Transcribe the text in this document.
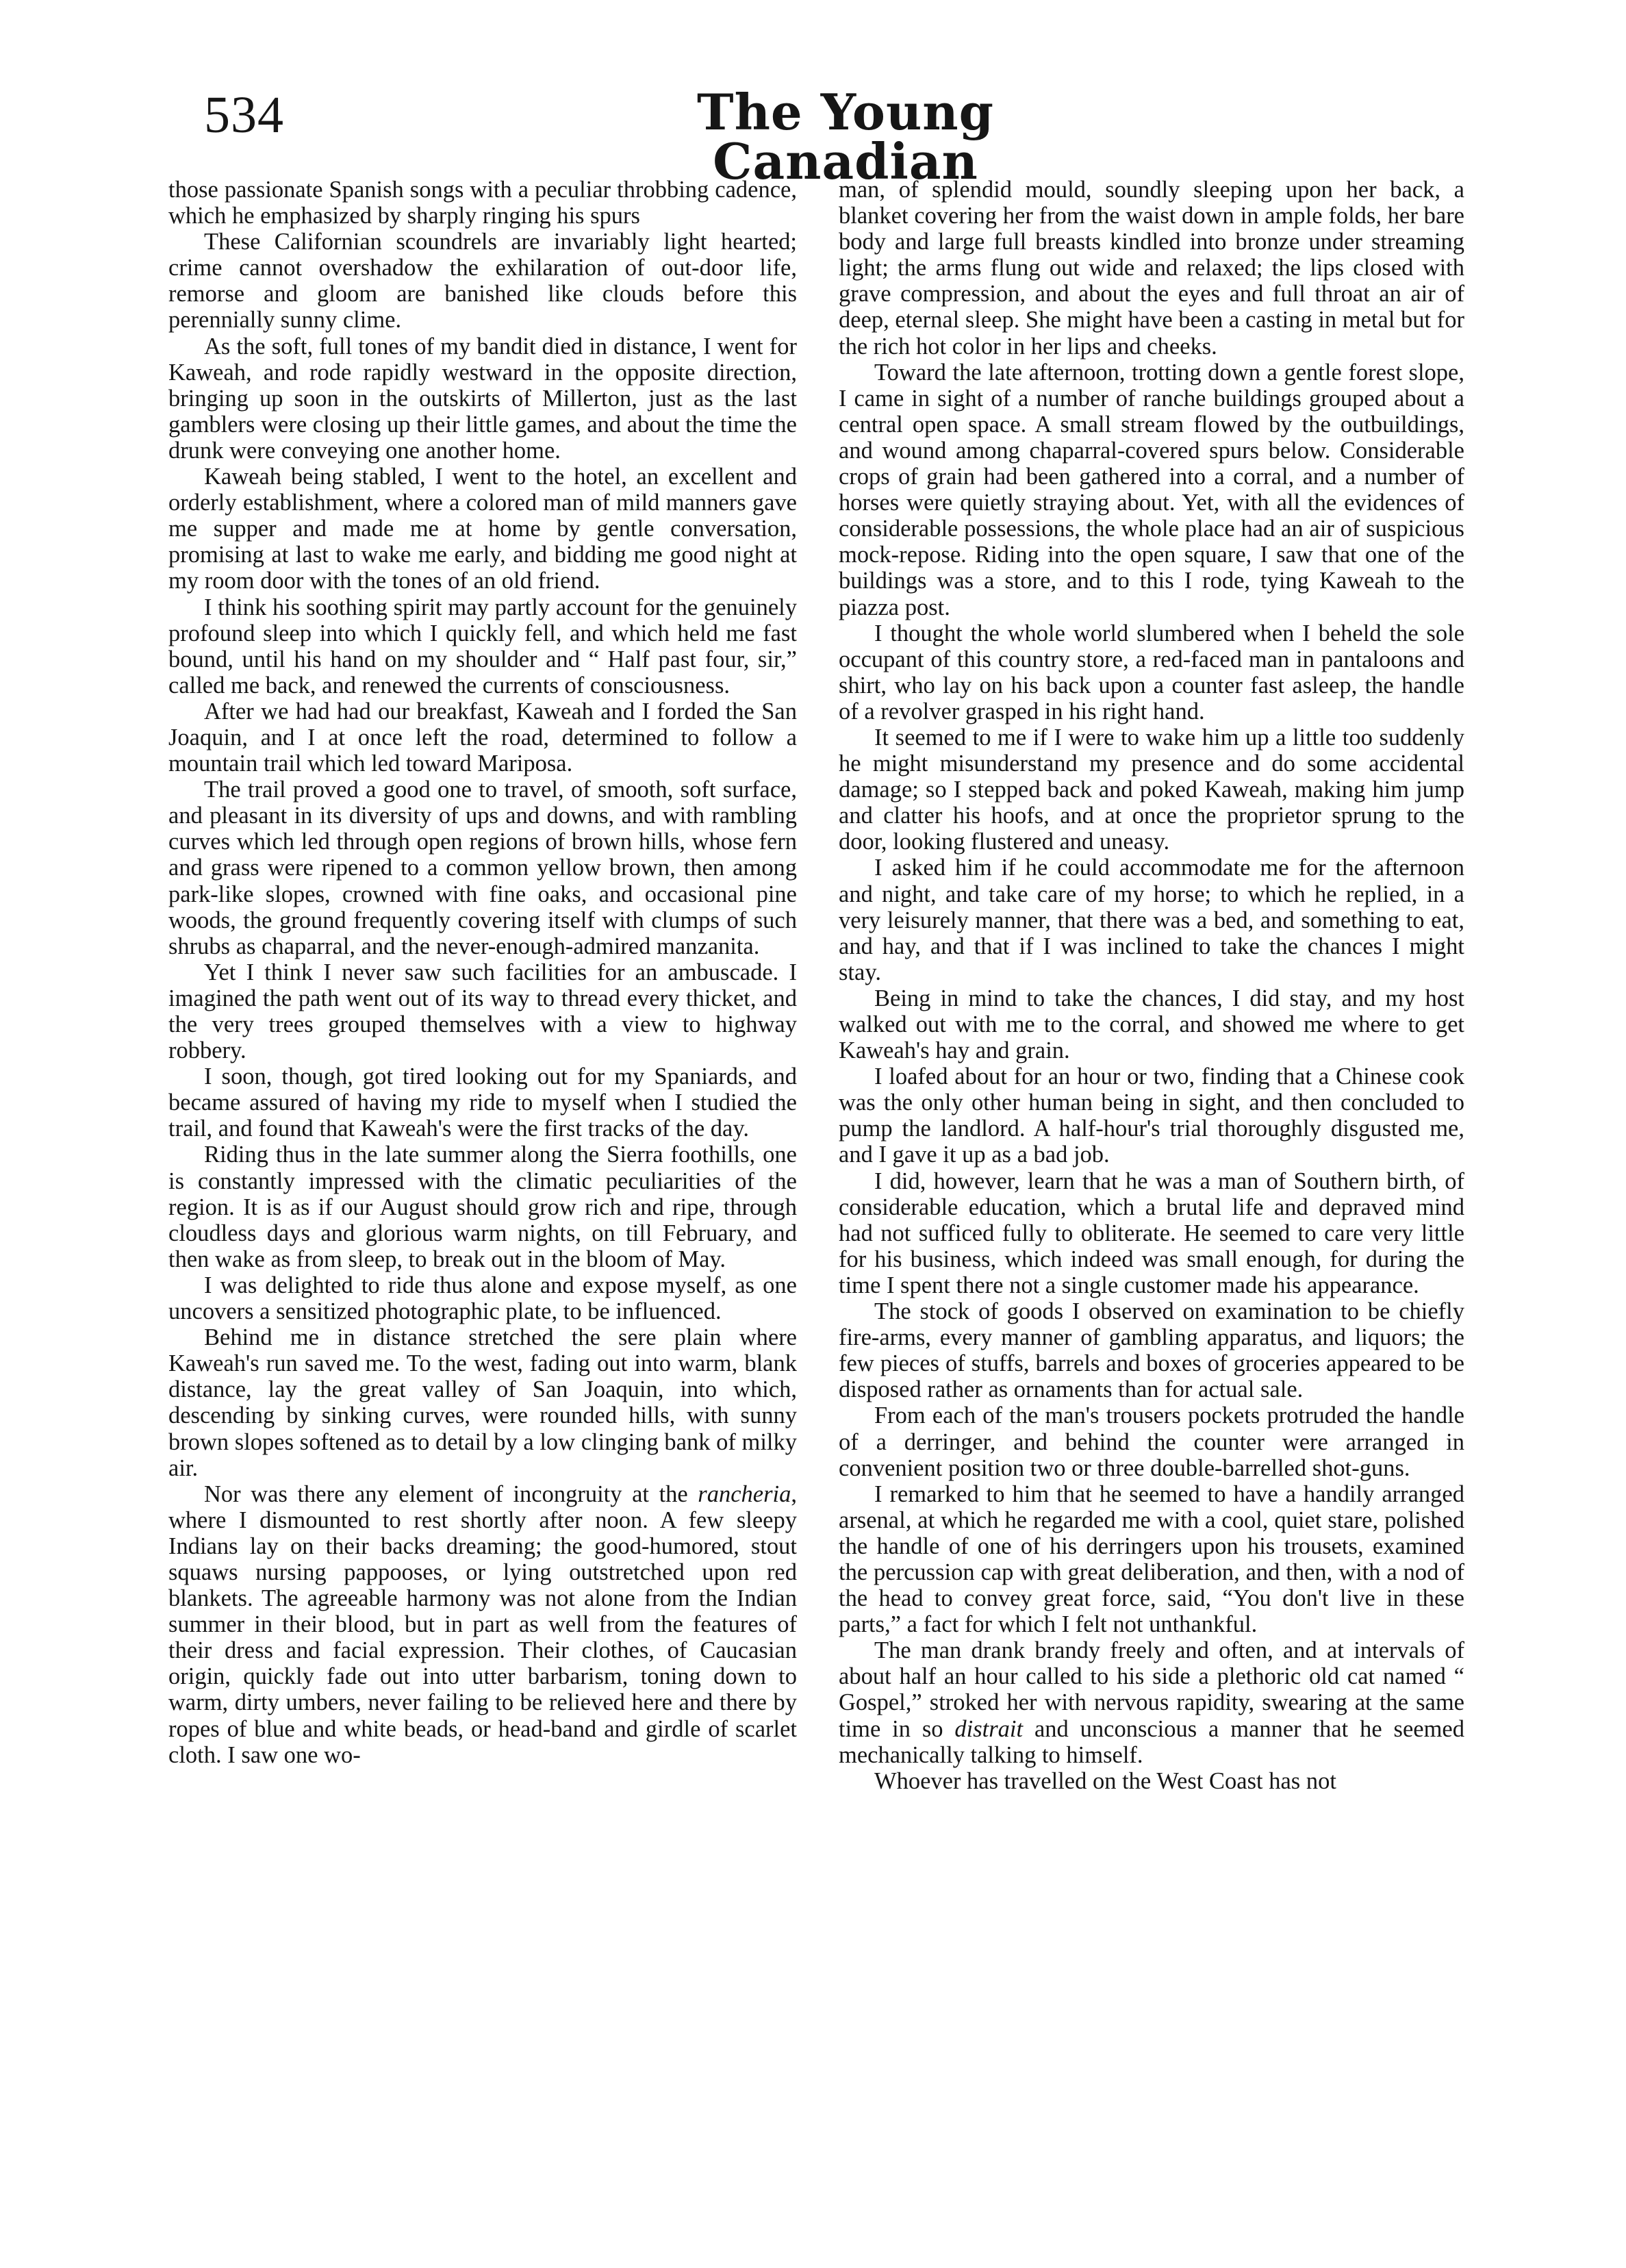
534	The Young Canadian

those passionate Spanish songs with a peculiar throbbing cadence, which he emphasized by sharply ringing his spurs

These Californian scoundrels are invariably light hearted; crime cannot overshadow the exhilaration of out-door life, remorse and gloom are banished like clouds before this perennially sunny clime.

As the soft, full tones of my bandit died in distance, I went for Kaweah, and rode rapidly westward in the opposite direction, bringing up soon in the outskirts of Millerton, just as the last gamblers were closing up their little games, and about the time the drunk were conveying one another home.

Kaweah being stabled, I went to the hotel, an excellent and orderly establishment, where a colored man of mild manners gave me supper and made me at home by gentle conversation, promising at last to wake me early, and bidding me good night at my room door with the tones of an old friend.

I think his soothing spirit may partly account for the genuinely profound sleep into which I quickly fell, and which held me fast bound, until his hand on my shoulder and “ Half past four, sir,” called me back, and renewed the currents of consciousness.

After we had had our breakfast, Kaweah and I forded the San Joaquin, and I at once left the road, determined to follow a mountain trail which led toward Mariposa.

The trail proved a good one to travel, of smooth, soft surface, and pleasant in its diversity of ups and downs, and with rambling curves which led through open regions of brown hills, whose fern and grass were ripened to a common yellow brown, then among park-like slopes, crowned with fine oaks, and occasional pine woods, the ground frequently covering itself with clumps of such shrubs as chaparral, and the never-enough-admired manzanita.

Yet I think I never saw such facilities for an ambuscade. I imagined the path went out of its way to thread every thicket, and the very trees grouped themselves with a view to highway robbery.

I soon, though, got tired looking out for my Spaniards, and became assured of having my ride to myself when I studied the trail, and found that Kaweah's were the first tracks of the day.

Riding thus in the late summer along the Sierra foothills, one is constantly impressed with the climatic peculiarities of the region. It is as if our August should grow rich and ripe, through cloudless days and glorious warm nights, on till February, and then wake as from sleep, to break out in the bloom of May.

I was delighted to ride thus alone and expose myself, as one uncovers a sensitized photographic plate, to be influenced.

Behind me in distance stretched the sere plain where Kaweah's run saved me. To the west, fading out into warm, blank distance, lay the great valley of San Joaquin, into which, descending by sinking curves, were rounded hills, with sunny brown slopes softened as to detail by a low clinging bank of milky air.

Nor was there any element of incongruity at the rancheria, where I dismounted to rest shortly after noon. A few sleepy Indians lay on their backs dreaming; the good-humored, stout squaws nursing pappooses, or lying outstretched upon red blankets. The agreeable harmony was not alone from the Indian summer in their blood, but in part as well from the features of their dress and facial expression. Their clothes, of Caucasian origin, quickly fade out into utter barbarism, toning down to warm, dirty umbers, never failing to be relieved here and there by ropes of blue and white beads, or head-band and girdle of scarlet cloth. I saw one wo-

man, of splendid mould, soundly sleeping upon her back, a blanket covering her from the waist down in ample folds, her bare body and large full breasts kindled into bronze under streaming light; the arms flung out wide and relaxed; the lips closed with grave compression, and about the eyes and full throat an air of deep, eternal sleep. She might have been a casting in metal but for the rich hot color in her lips and cheeks.

Toward the late afternoon, trotting down a gentle forest slope, I came in sight of a number of ranche buildings grouped about a central open space. A small stream flowed by the outbuildings, and wound among chaparral-covered spurs below. Considerable crops of grain had been gathered into a corral, and a number of horses were quietly straying about. Yet, with all the evidences of considerable possessions, the whole place had an air of suspicious mock-repose. Riding into the open square, I saw that one of the buildings was a store, and to this I rode, tying Kaweah to the piazza post.

I thought the whole world slumbered when I beheld the sole occupant of this country store, a red-faced man in pantaloons and shirt, who lay on his back upon a counter fast asleep, the handle of a revolver grasped in his right hand.

It seemed to me if I were to wake him up a little too suddenly he might misunderstand my presence and do some accidental damage; so I stepped back and poked Kaweah, making him jump and clatter his hoofs, and at once the proprietor sprung to the door, looking flustered and uneasy.

I asked him if he could accommodate me for the afternoon and night, and take care of my horse; to which he replied, in a very leisurely manner, that there was a bed, and something to eat, and hay, and that if I was inclined to take the chances I might stay.

Being in mind to take the chances, I did stay, and my host walked out with me to the corral, and showed me where to get Kaweah's hay and grain.

I loafed about for an hour or two, finding that a Chinese cook was the only other human being in sight, and then concluded to pump the landlord. A half-hour's trial thoroughly disgusted me, and I gave it up as a bad job.

I did, however, learn that he was a man of Southern birth, of considerable education, which a brutal life and depraved mind had not sufficed fully to obliterate. He seemed to care very little for his business, which indeed was small enough, for during the time I spent there not a single customer made his appearance.

The stock of goods I observed on examination to be chiefly fire-arms, every manner of gambling apparatus, and liquors; the few pieces of stuffs, barrels and boxes of groceries appeared to be disposed rather as ornaments than for actual sale.

From each of the man's trousers pockets protruded the handle of a derringer, and behind the counter were arranged in convenient position two or three double-barrelled shot-guns.

I remarked to him that he seemed to have a handily arranged arsenal, at which he regarded me with a cool, quiet stare, polished the handle of one of his derringers upon his trousets, examined the percussion cap with great deliberation, and then, with a nod of the head to convey great force, said, “You don't live in these parts,” a fact for which I felt not unthankful.

The man drank brandy freely and often, and at intervals of about half an hour called to his side a plethoric old cat named “ Gospel,” stroked her with nervous rapidity, swearing at the same time in so distrait and unconscious a manner that he seemed mechanically talking to himself.

Whoever has travelled on the West Coast has not
